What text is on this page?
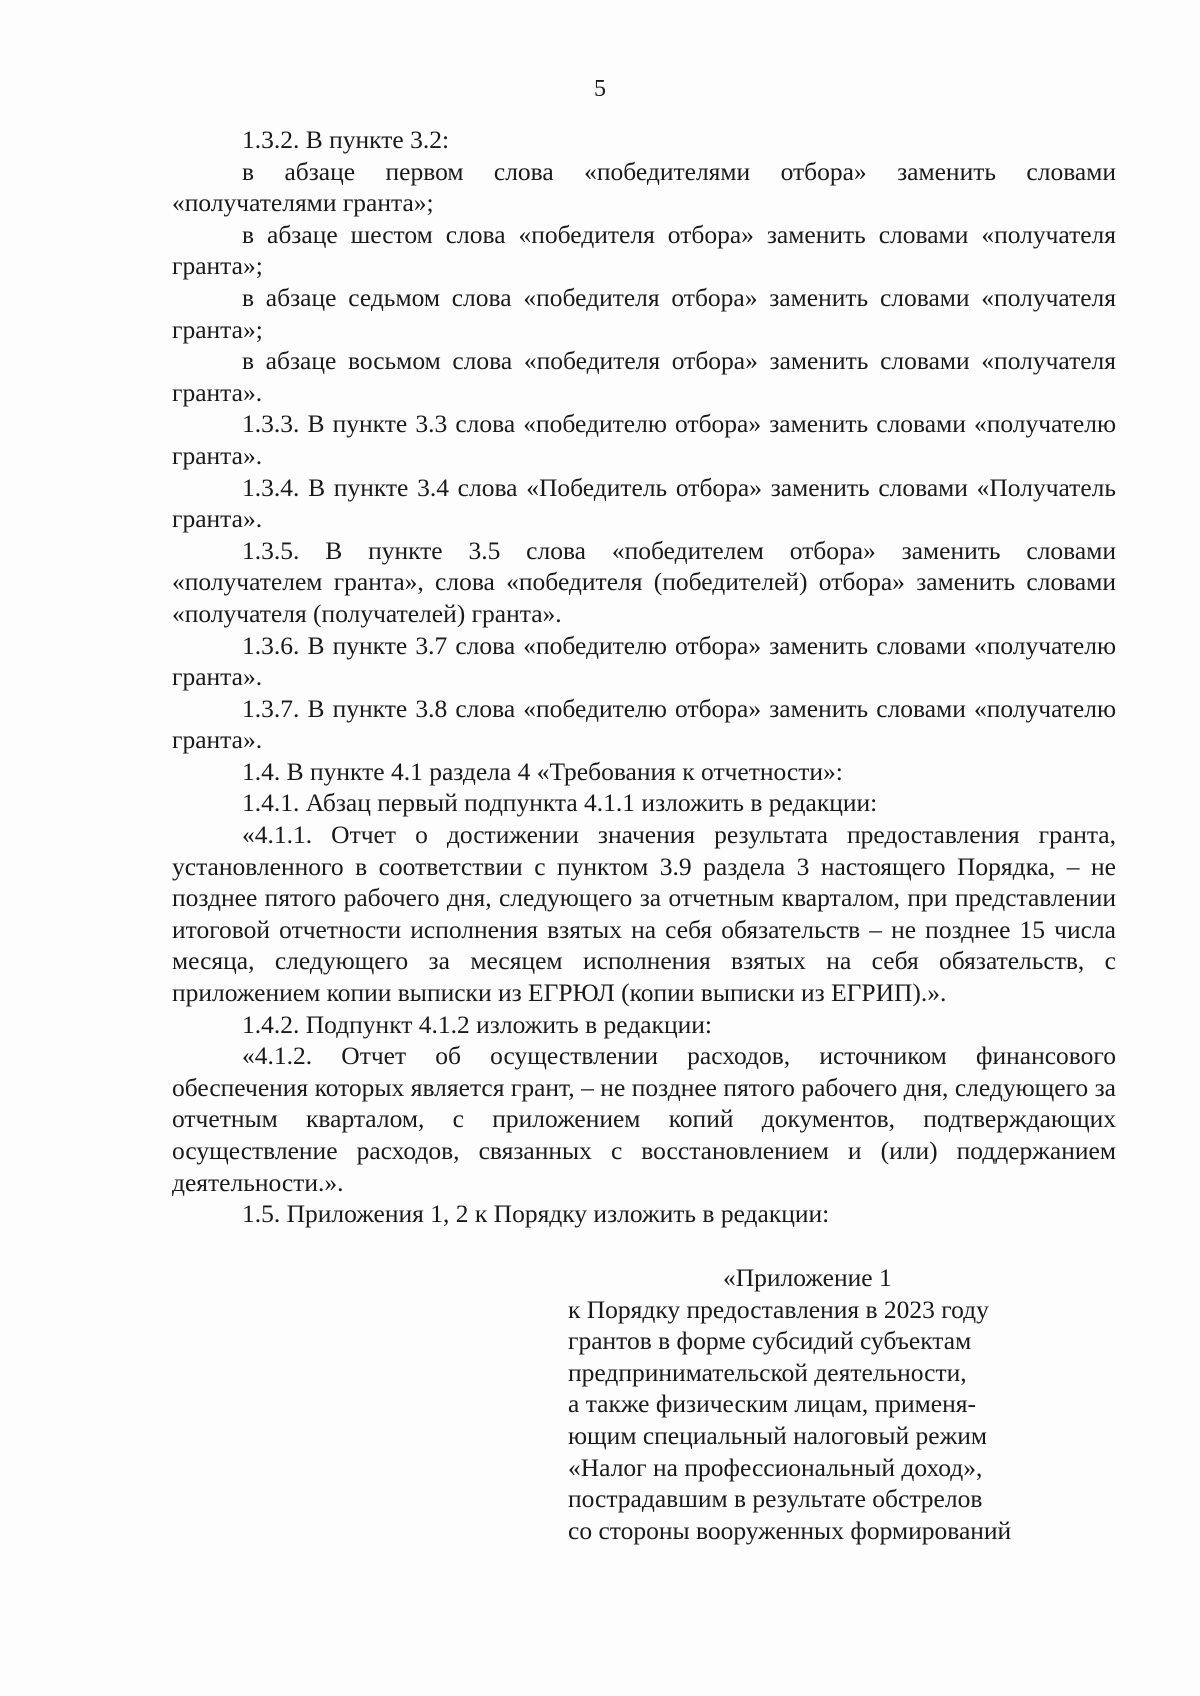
5

1.3.2. В пункте 3.2:

в абзаце первом слова «победителями отбора» заменить словами «получателями гранта»;

в абзаце шестом слова «победителя отбора» заменить словами «получателя гранта»;

в абзаце седьмом слова «победителя отбора» заменить словами «получателя гранта»;

в абзаце восьмом слова «победителя отбора» заменить словами «получателя гранта».

1.3.3. В пункте 3.3 слова «победителю отбора» заменить словами «получателю гранта».

1.3.4. В пункте 3.4 слова «Победитель отбора» заменить словами «Получатель гранта».

1.3.5. В пункте 3.5 слова «победителем отбора» заменить словами «получателем гранта», слова «победителя (победителей) отбора» заменить словами «получателя (получателей) гранта».

1.3.6. В пункте 3.7 слова «победителю отбора» заменить словами «получателю гранта».

1.3.7. В пункте 3.8 слова «победителю отбора» заменить словами «получателю гранта».

1.4. В пункте 4.1 раздела 4 «Требования к отчетности»:

1.4.1. Абзац первый подпункта 4.1.1 изложить в редакции:

«4.1.1. Отчет о достижении значения результата предоставления гранта, установленного в соответствии с пунктом 3.9 раздела 3 настоящего Порядка, – не позднее пятого рабочего дня, следующего за отчетным кварталом, при представлении итоговой отчетности исполнения взятых на себя обязательств – не позднее 15 числа месяца, следующего за месяцем исполнения взятых на себя обязательств, с приложением копии выписки из ЕГРЮЛ (копии выписки из ЕГРИП).».

1.4.2. Подпункт 4.1.2 изложить в редакции:

«4.1.2. Отчет об осуществлении расходов, источником финансового обеспечения которых является грант, – не позднее пятого рабочего дня, следующего за отчетным кварталом, с приложением копий документов, подтверждающих осуществление расходов, связанных с восстановлением и (или) поддержанием деятельности.».

1.5. Приложения 1, 2 к Порядку изложить в редакции:

«Приложение 1

к Порядку предоставления в 2023 году

грантов в форме субсидий субъектам

предпринимательской деятельности,

а также физическим лицам, применя-

ющим специальный налоговый режим

«Налог на профессиональный доход»,

пострадавшим в результате обстрелов

со стороны вооруженных формирований
